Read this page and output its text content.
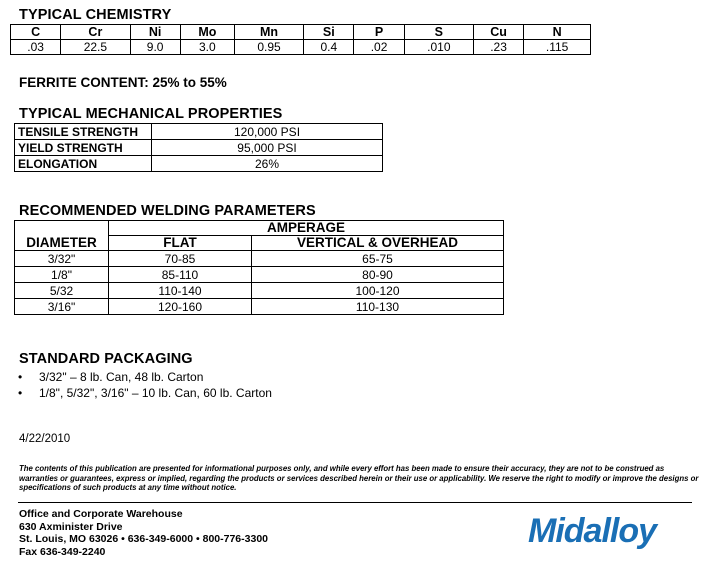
TYPICAL CHEMISTRY
C	Cr	Ni	Mo	Mn	Si	P	S	Cu	N
.03	22.5	9.0	3.0	0.95	0.4	.02	.010	.23	.115
FERRITE CONTENT: 25% to 55%
TYPICAL MECHANICAL PROPERTIES
TENSILE STRENGTH	120,000 PSI
YIELD STRENGTH	95,000 PSI
ELONGATION	26%
RECOMMENDED WELDING PARAMETERS
DIAMETER	AMPERAGE	
	FLAT	VERTICAL & OVERHEAD
3/32"	70-85	65-75
1/8"	85-110	80-90
5/32	110-140	100-120
3/16"	120-160	110-130
STANDARD PACKAGING
• 3/32" – 8 lb. Can, 48 lb. Carton
• 1/8", 5/32", 3/16" – 10 lb. Can, 60 lb. Carton
4/22/2010
The contents of this publication are presented for informational purposes only, and while every effort has been made to ensure their accuracy, they are not to be construed as warranties or guarantees, express or implied, regarding the products or services described herein or their use or applicability. We reserve the right to modify or improve the designs or specifications of such products at any time without notice.
Office and Corporate Warehouse
630 Axminister Drive
St. Louis, MO 63026 • 636-349-6000 • 800-776-3300
Fax 636-349-2240
Midalloy
